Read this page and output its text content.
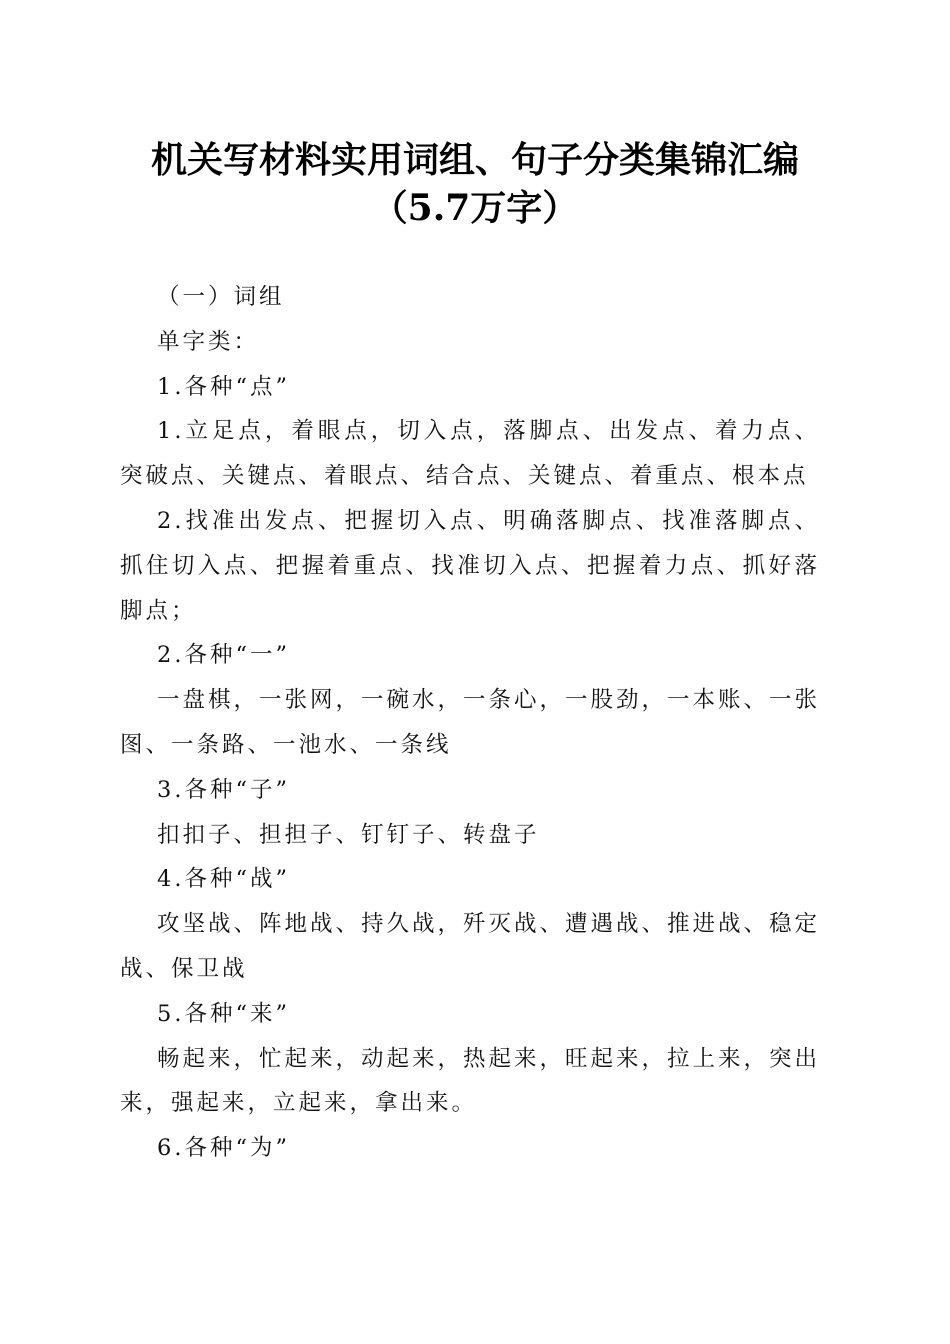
机关写材料实用词组、句子分类集锦汇编
（5.7万字）

（一）词组

单字类：

1.各种“点”

1.立足点，着眼点，切入点，落脚点、出发点、着力点、突破点、关键点、着眼点、结合点、关键点、着重点、根本点

2.找准出发点、把握切入点、明确落脚点、找准落脚点、抓住切入点、把握着重点、找准切入点、把握着力点、抓好落脚点；

2.各种“一”

一盘棋，一张网，一碗水，一条心，一股劲，一本账、一张图、一条路、一池水、一条线

3.各种“子”

扣扣子、担担子、钉钉子、转盘子

4.各种“战”

攻坚战、阵地战、持久战，歼灭战、遭遇战、推进战、稳定战、保卫战

5.各种“来”

畅起来，忙起来，动起来，热起来，旺起来，拉上来，突出来，强起来，立起来，拿出来。

6.各种“为”
